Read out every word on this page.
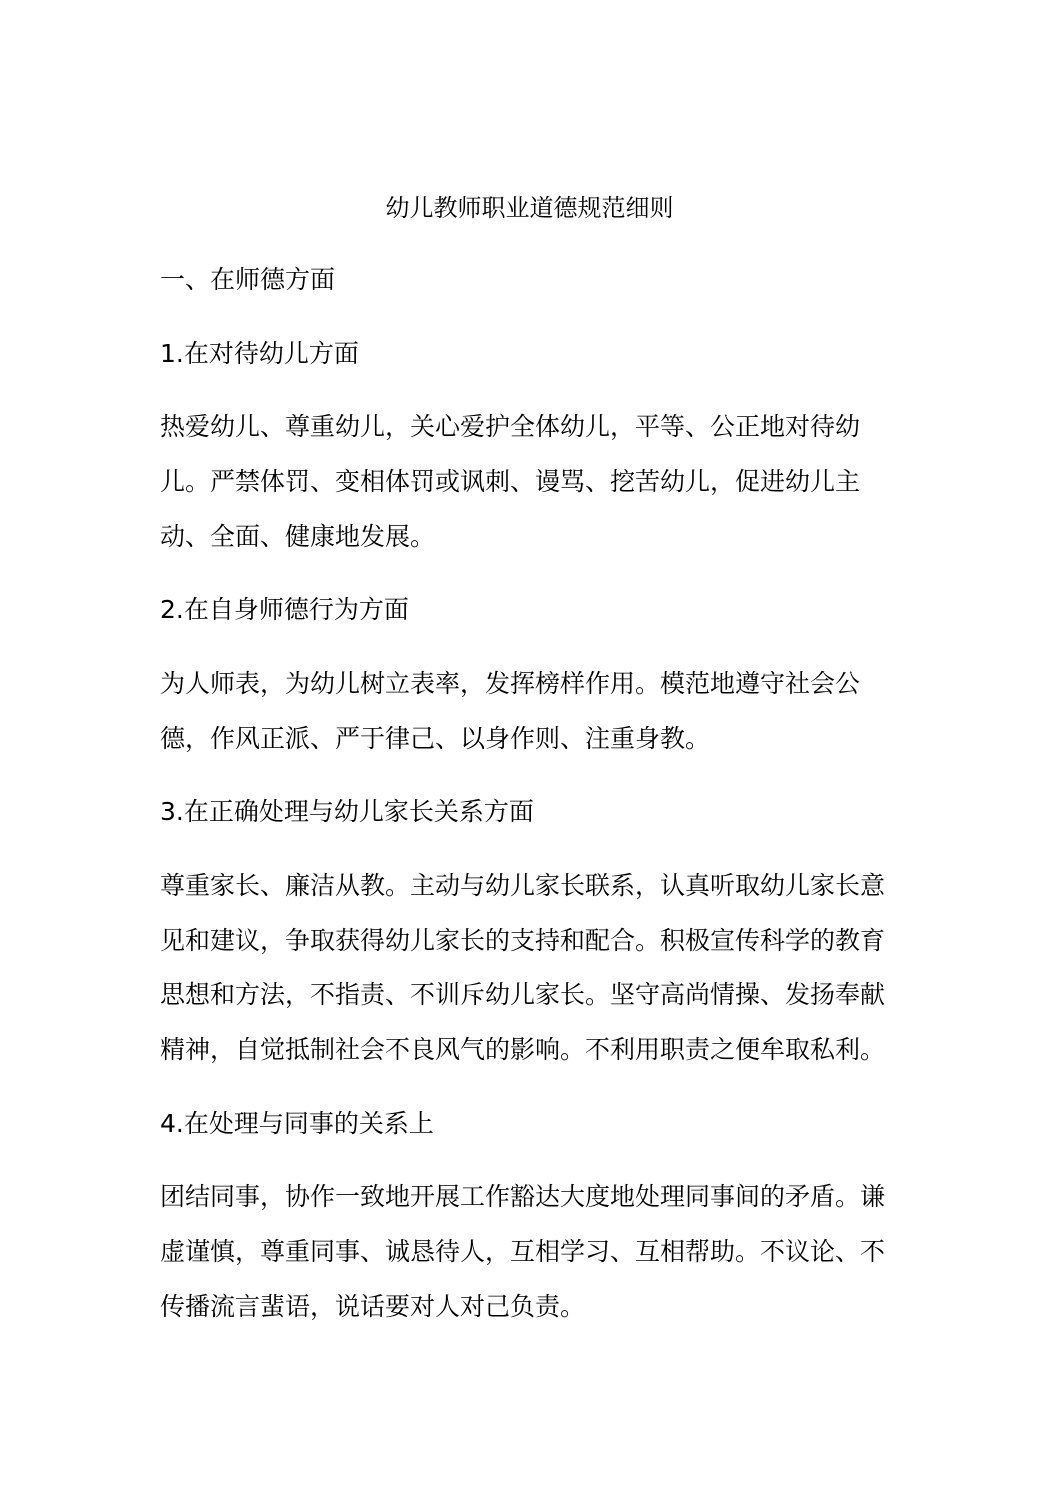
幼儿教师职业道德规范细则
一、在师德方面
1.在对待幼儿方面
热爱幼儿、尊重幼儿，关心爱护全体幼儿，平等、公正地对待幼
儿。严禁体罚、变相体罚或讽刺、谩骂、挖苦幼儿，促进幼儿主
动、全面、健康地发展。
2.在自身师德行为方面
为人师表，为幼儿树立表率，发挥榜样作用。模范地遵守社会公
德，作风正派、严于律己、以身作则、注重身教。
3.在正确处理与幼儿家长关系方面
尊重家长、廉洁从教。主动与幼儿家长联系，认真听取幼儿家长意
见和建议，争取获得幼儿家长的支持和配合。积极宣传科学的教育
思想和方法，不指责、不训斥幼儿家长。坚守高尚情操、发扬奉献
精神，自觉抵制社会不良风气的影响。不利用职责之便牟取私利。
4.在处理与同事的关系上
团结同事，协作一致地开展工作豁达大度地处理同事间的矛盾。谦
虚谨慎，尊重同事、诚恳待人，互相学习、互相帮助。不议论、不
传播流言蜚语，说话要对人对己负责。
